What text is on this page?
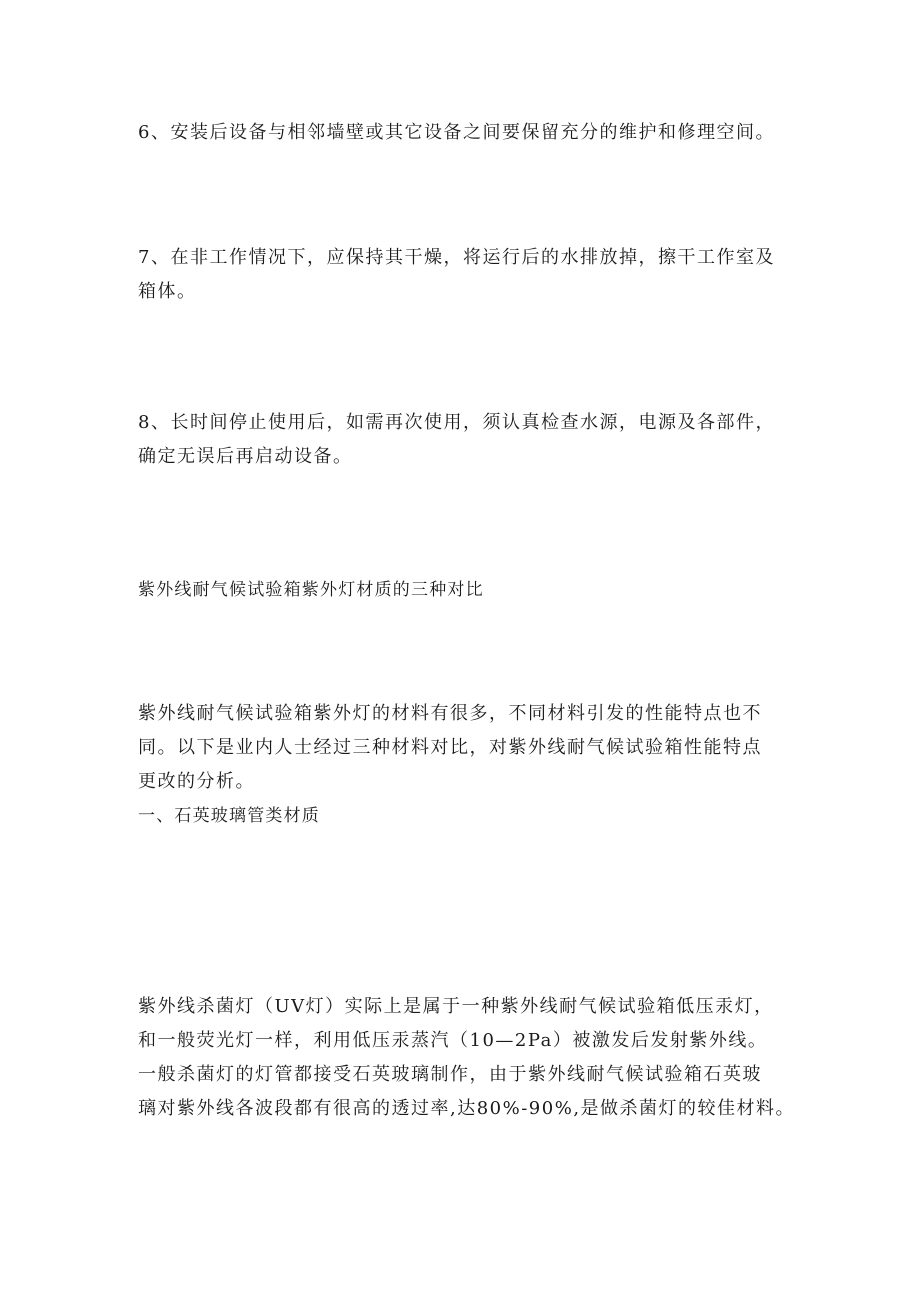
6、安装后设备与相邻墙壁或其它设备之间要保留充分的维护和修理空间。
7、在非工作情况下，应保持其干燥，将运行后的水排放掉，擦干工作室及
箱体。
8、长时间停止使用后，如需再次使用，须认真检查水源，电源及各部件，
确定无误后再启动设备。
紫外线耐气候试验箱紫外灯材质的三种对比
紫外线耐气候试验箱紫外灯的材料有很多，不同材料引发的性能特点也不
同。以下是业内人士经过三种材料对比，对紫外线耐气候试验箱性能特点
更改的分析。
一、石英玻璃管类材质
紫外线杀菌灯（UV灯）实际上是属于一种紫外线耐气候试验箱低压汞灯，
和一般荧光灯一样，利用低压汞蒸汽（10—2Pa）被激发后发射紫外线。
一般杀菌灯的灯管都接受石英玻璃制作，由于紫外线耐气候试验箱石英玻
璃对紫外线各波段都有很高的透过率,达80%-90%,是做杀菌灯的较佳材料。
